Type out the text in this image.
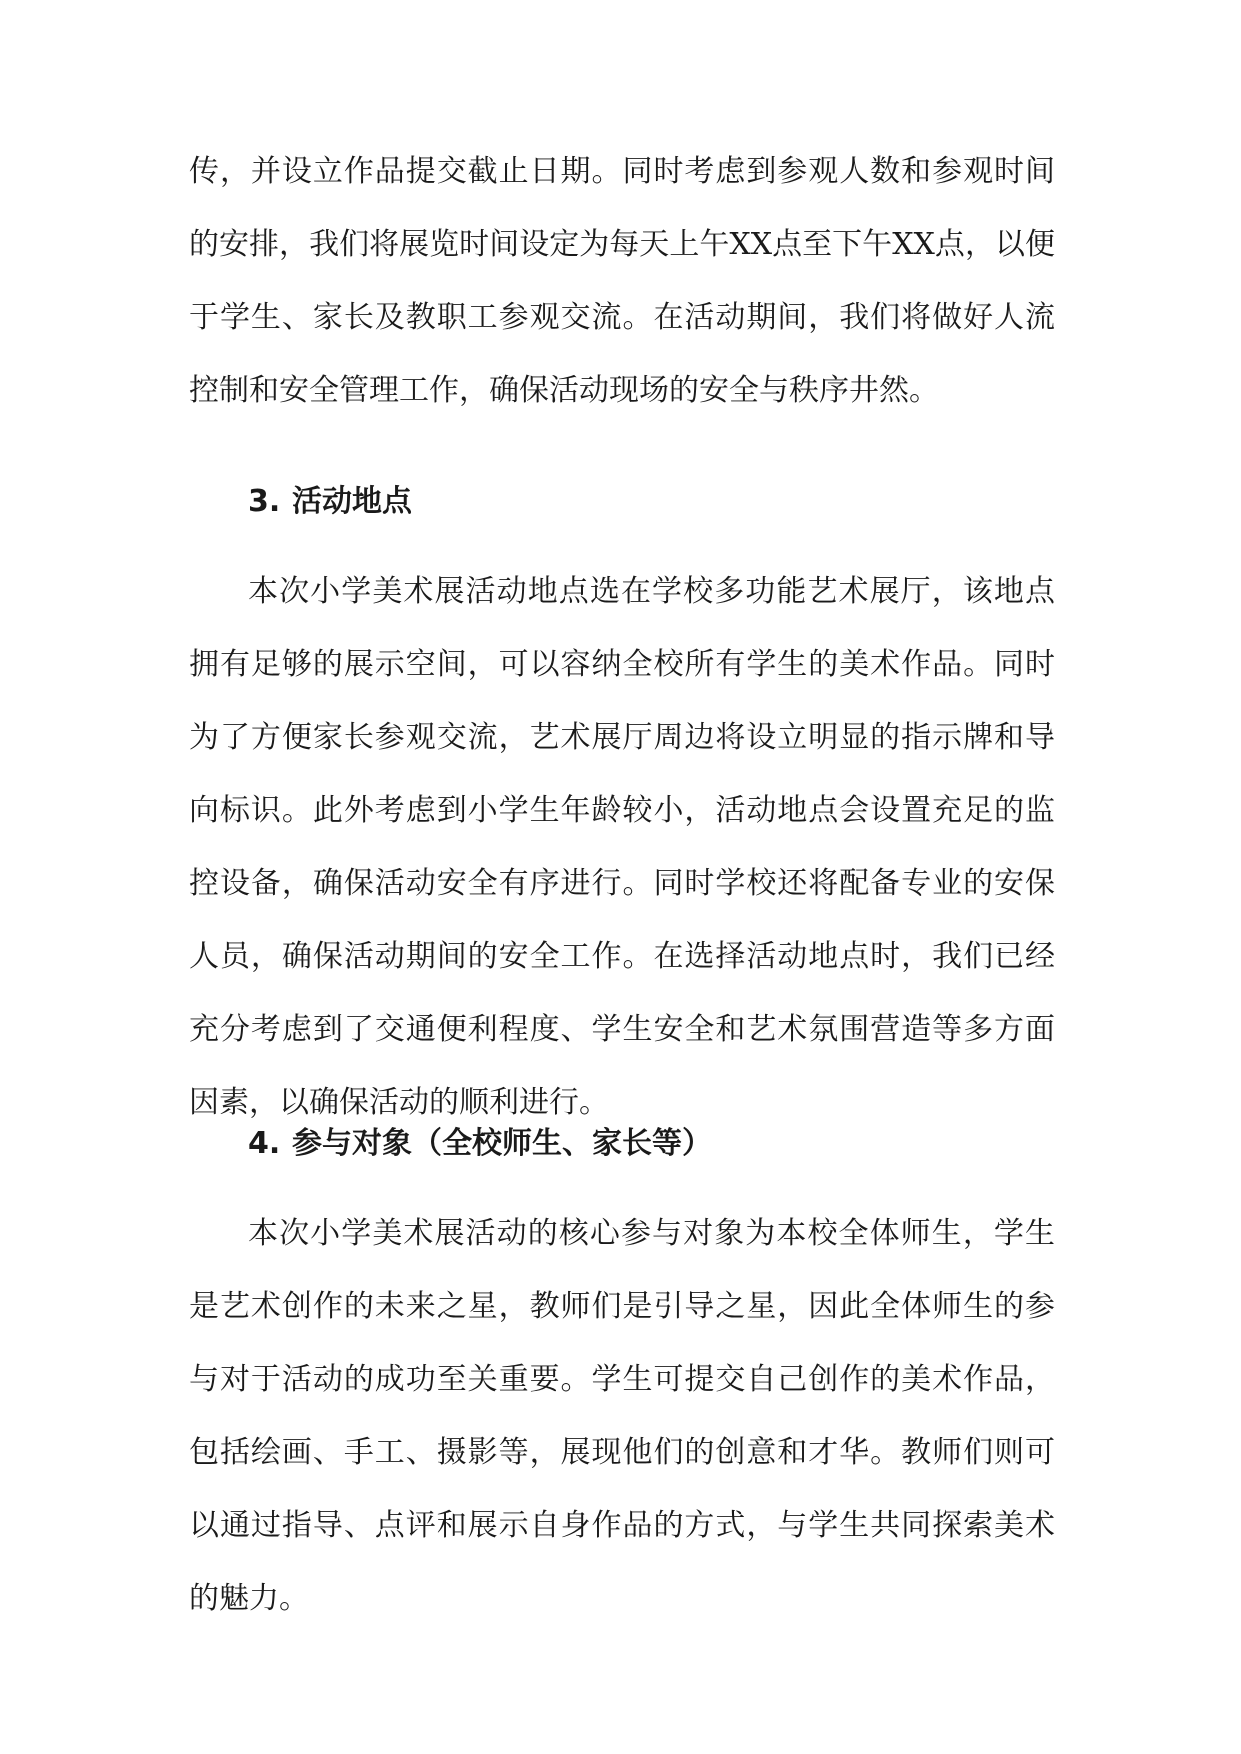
传，并设立作品提交截止日期。同时考虑到参观人数和参观时间的安排，我们将展览时间设定为每天上午XX点至下午XX点，以便于学生、家长及教职工参观交流。在活动期间，我们将做好人流控制和安全管理工作，确保活动现场的安全与秩序井然。

3. 活动地点

本次小学美术展活动地点选在学校多功能艺术展厅，该地点拥有足够的展示空间，可以容纳全校所有学生的美术作品。同时为了方便家长参观交流，艺术展厅周边将设立明显的指示牌和导向标识。此外考虑到小学生年龄较小，活动地点会设置充足的监控设备，确保活动安全有序进行。同时学校还将配备专业的安保人员，确保活动期间的安全工作。在选择活动地点时，我们已经充分考虑到了交通便利程度、学生安全和艺术氛围营造等多方面因素，以确保活动的顺利进行。

4. 参与对象（全校师生、家长等）

本次小学美术展活动的核心参与对象为本校全体师生，学生是艺术创作的未来之星，教师们是引导之星，因此全体师生的参与对于活动的成功至关重要。学生可提交自己创作的美术作品，包括绘画、手工、摄影等，展现他们的创意和才华。教师们则可以通过指导、点评和展示自身作品的方式，与学生共同探索美术的魅力。
